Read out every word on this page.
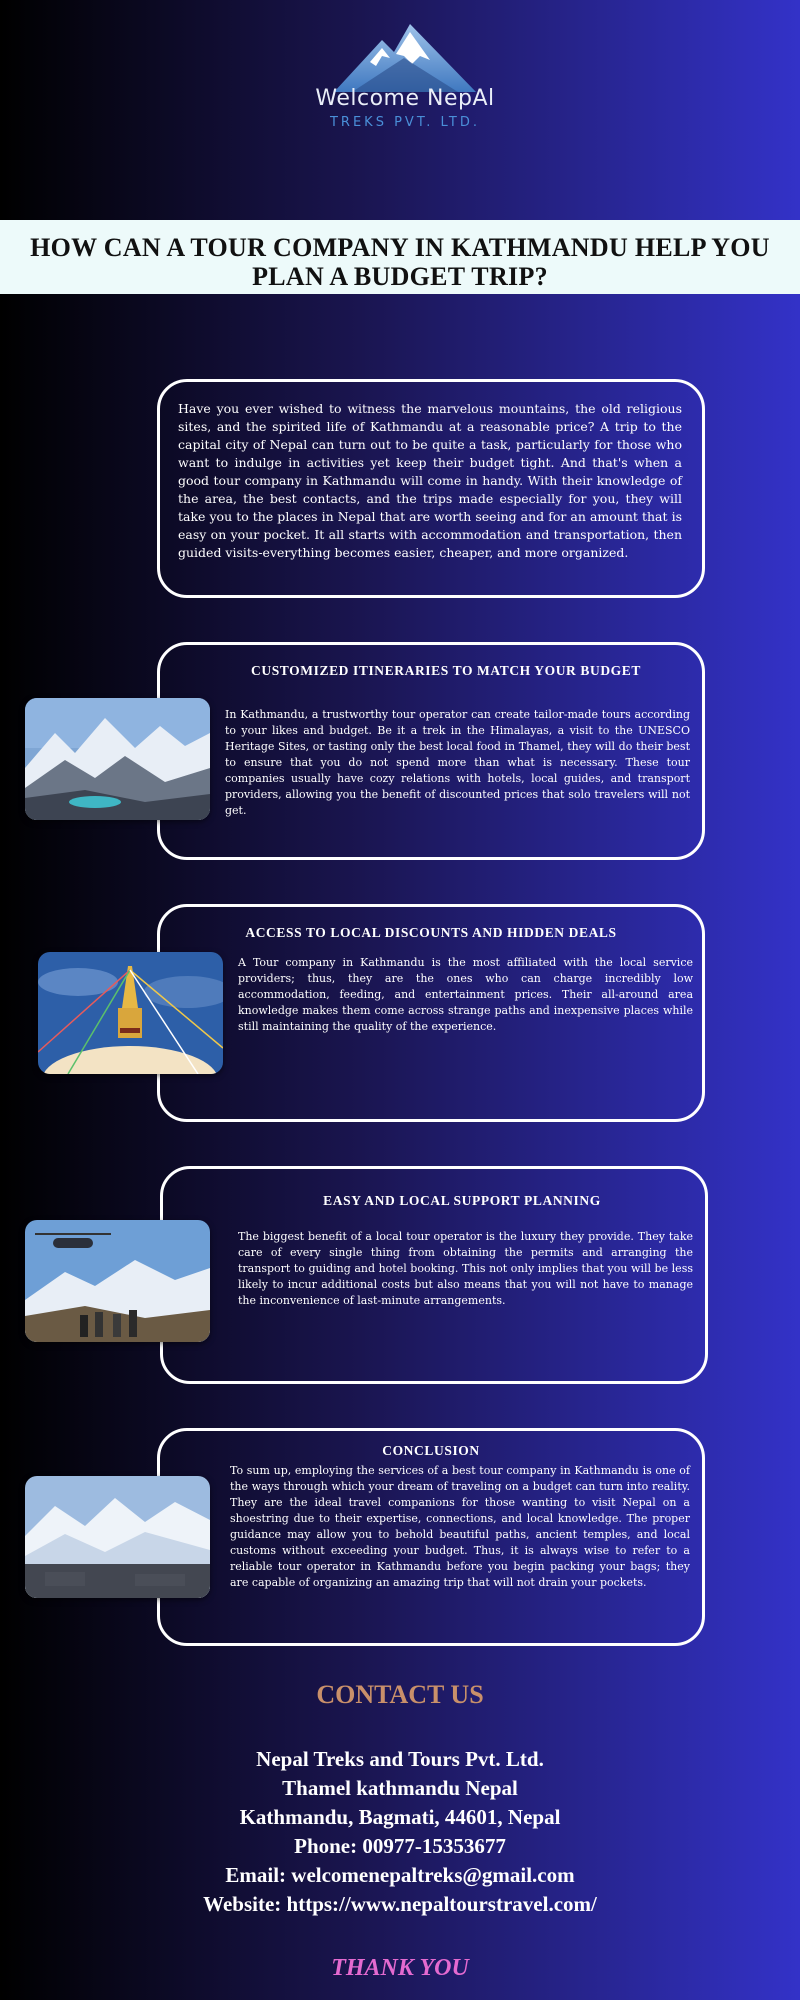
Welcome NepAl
TREKS PVT. LTD.
HOW CAN A TOUR COMPANY IN KATHMANDU HELP YOU PLAN A BUDGET TRIP?
Have you ever wished to witness the marvelous mountains, the old religious sites, and the spirited life of Kathmandu at a reasonable price? A trip to the capital city of Nepal can turn out to be quite a task, particularly for those who want to indulge in activities yet keep their budget tight. And that's when a good tour company in Kathmandu will come in handy. With their knowledge of the area, the best contacts, and the trips made especially for you, they will take you to the places in Nepal that are worth seeing and for an amount that is easy on your pocket. It all starts with accommodation and transportation, then guided visits-everything becomes easier, cheaper, and more organized.
CUSTOMIZED ITINERARIES TO MATCH YOUR BUDGET
In Kathmandu, a trustworthy tour operator can create tailor-made tours according to your likes and budget. Be it a trek in the Himalayas, a visit to the UNESCO Heritage Sites, or tasting only the best local food in Thamel, they will do their best to ensure that you do not spend more than what is necessary. These tour companies usually have cozy relations with hotels, local guides, and transport providers, allowing you the benefit of discounted prices that solo travelers will not get.
ACCESS TO LOCAL DISCOUNTS AND HIDDEN DEALS
A Tour company in Kathmandu is the most affiliated with the local service providers; thus, they are the ones who can charge incredibly low accommodation, feeding, and entertainment prices. Their all-around area knowledge makes them come across strange paths and inexpensive places while still maintaining the quality of the experience.
EASY AND LOCAL SUPPORT PLANNING
The biggest benefit of a local tour operator is the luxury they provide. They take care of every single thing from obtaining the permits and arranging the transport to guiding and hotel booking. This not only implies that you will be less likely to incur additional costs but also means that you will not have to manage the inconvenience of last-minute arrangements.
CONCLUSION
To sum up, employing the services of a best tour company in Kathmandu is one of the ways through which your dream of traveling on a budget can turn into reality. They are the ideal travel companions for those wanting to visit Nepal on a shoestring due to their expertise, connections, and local knowledge. The proper guidance may allow you to behold beautiful paths, ancient temples, and local customs without exceeding your budget. Thus, it is always wise to refer to a reliable tour operator in Kathmandu before you begin packing your bags; they are capable of organizing an amazing trip that will not drain your pockets.
CONTACT US
Nepal Treks and Tours Pvt. Ltd.
Thamel kathmandu Nepal
Kathmandu, Bagmati, 44601, Nepal
Phone: 00977-15353677
Email: welcomenepaltreks@gmail.com
Website: https://www.nepaltourstravel.com/
THANK YOU
